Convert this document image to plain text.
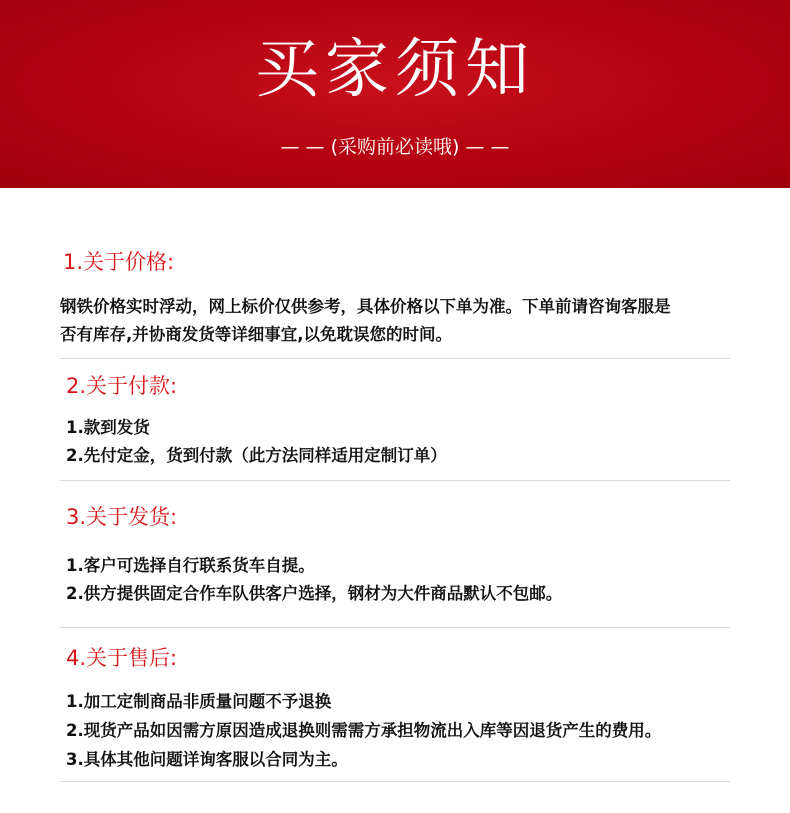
买家须知
— — (采购前必读哦) — —
1.关于价格:
钢铁价格实时浮动，网上标价仅供参考，具体价格以下单为准。下单前请咨询客服是
否有库存,并协商发货等详细事宜,以免耽误您的时间。
2.关于付款:
1.款到发货
2.先付定金，货到付款（此方法同样适用定制订单）
3.关于发货:
1.客户可选择自行联系货车自提。
2.供方提供固定合作车队供客户选择，钢材为大件商品默认不包邮。
4.关于售后:
1.加工定制商品非质量问题不予退换
2.现货产品如因需方原因造成退换则需需方承担物流出入库等因退货产生的费用。
3.具体其他问题详询客服以合同为主。
